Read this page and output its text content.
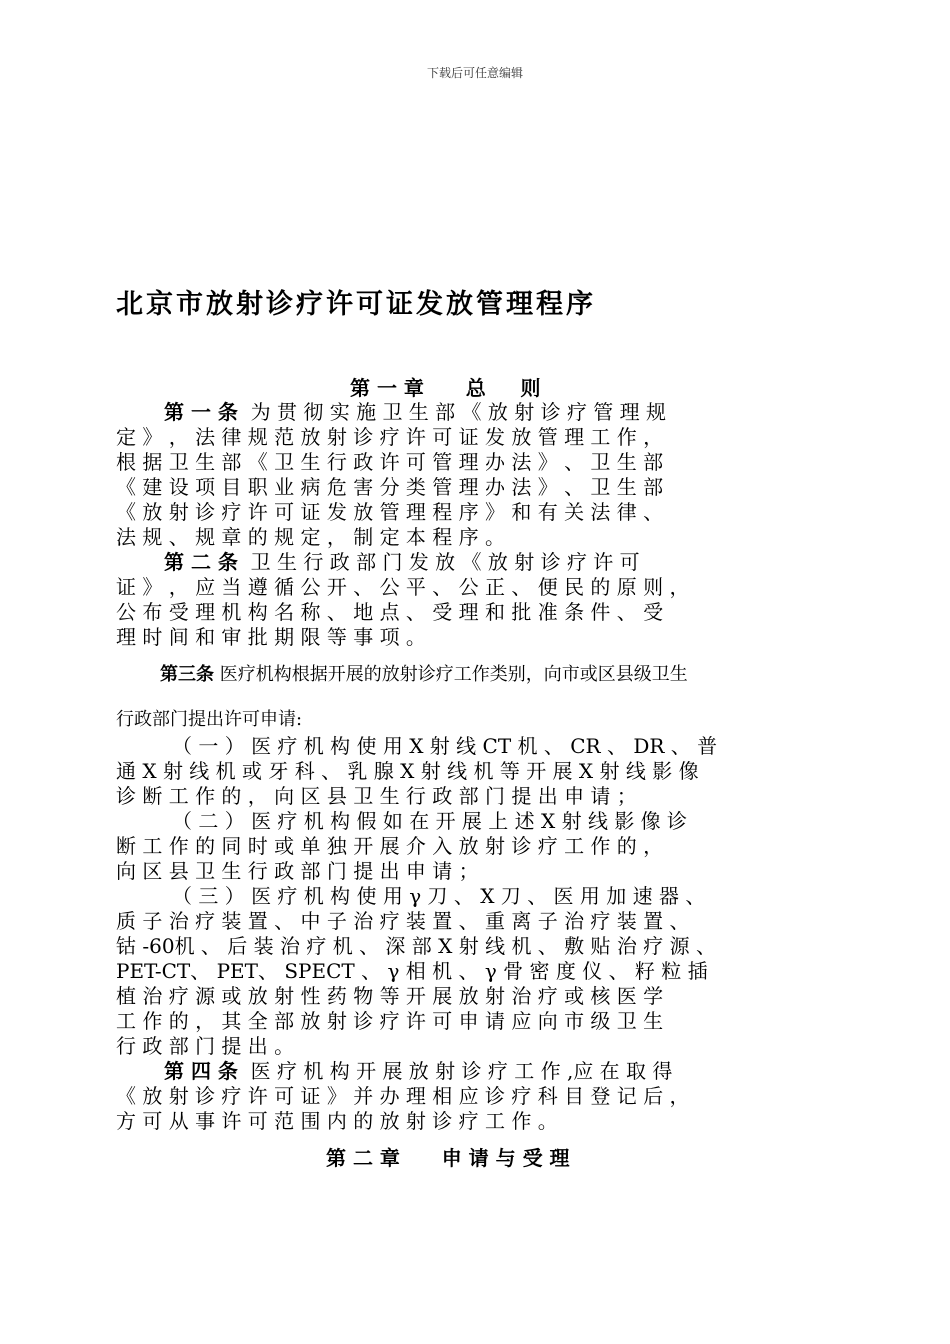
下载后可任意编辑
北京市放射诊疗许可证发放管理程序
第 一 章      总     则
第 一 条  为 贯 彻 实 施 卫 生 部 《 放 射 诊 疗 管 理 规
定 》 ， 法 律 规 范 放 射 诊 疗 许 可 证 发 放 管 理 工 作 ，
根 据 卫 生 部 《 卫 生 行 政 许 可 管 理 办 法 》 、 卫 生 部
《 建 设 项 目 职 业 病 危 害 分 类 管 理 办 法 》 、 卫 生 部
《 放 射 诊 疗 许 可 证 发 放 管 理 程 序 》 和 有 关 法 律 、
法 规 、 规 章 的 规 定 ， 制 定 本 程 序 。
第 二 条  卫 生 行 政 部 门 发 放 《 放 射 诊 疗 许 可
证 》 ， 应 当 遵 循 公 开 、 公 平 、 公 正 、 便 民 的 原 则 ，
公 布 受 理 机 构 名 称 、 地 点 、 受 理 和 批 准 条 件 、 受
理 时 间 和 审 批 期 限 等 事 项 。
第三条 医疗机构根据开展的放射诊疗工作类别，向市或区县级卫生
行政部门提出许可申请:
（ 一 ） 医 疗 机 构 使 用 X 射 线 CT 机 、 CR 、 DR 、 普
通 X 射 线 机 或 牙 科 、 乳 腺 X 射 线 机 等 开 展 X 射 线 影 像
诊 断 工 作 的 ， 向 区 县 卫 生 行 政 部 门 提 出 申 请 ；
（ 二 ） 医 疗 机 构 假 如 在 开 展 上 述 X 射 线 影 像 诊
断 工 作 的 同 时 或 单 独 开 展 介 入 放 射 诊 疗 工 作 的 ，
向 区 县 卫 生 行 政 部 门 提 出 申 请 ；
（ 三 ） 医 疗 机 构 使 用 γ 刀 、 X 刀 、 医 用 加 速 器 、
质 子 治 疗 装 置 、 中 子 治 疗 装 置 、 重 离 子 治 疗 装 置 、
钴 -60机 、 后 装 治 疗 机 、 深 部 X 射 线 机 、 敷 贴 治 疗 源 、
PET-CT、 PET、 SPECT 、 γ 相 机 、 γ 骨 密 度 仪 、 籽 粒 插
植 治 疗 源 或 放 射 性 药 物 等 开 展 放 射 治 疗 或 核 医 学
工 作 的 ， 其 全 部 放 射 诊 疗 许 可 申 请 应 向 市 级 卫 生
行 政 部 门 提 出 。
第 四 条  医 疗 机 构 开 展 放 射 诊 疗 工 作 ,应 在 取 得
《 放 射 诊 疗 许 可 证 》 并 办 理 相 应 诊 疗 科 目 登 记 后 ，
方 可 从 事 许 可 范 围 内 的 放 射 诊 疗 工 作 。
第 二 章      申 请 与 受 理
